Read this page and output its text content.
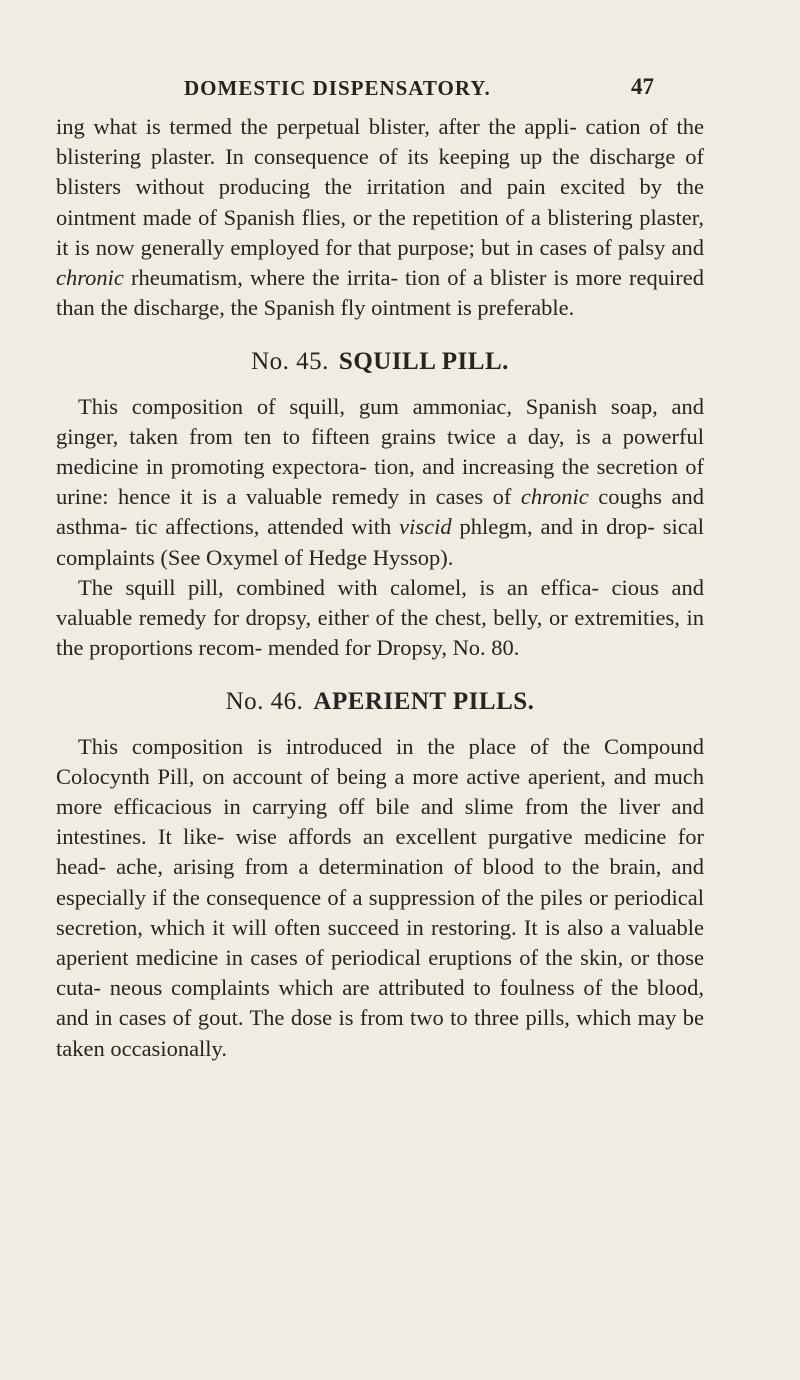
DOMESTIC DISPENSATORY.	47

ing what is termed the perpetual blister, after the appli- cation of the blistering plaster. In consequence of its keeping up the discharge of blisters without producing the irritation and pain excited by the ointment made of Spanish flies, or the repetition of a blistering plaster, it is now generally employed for that purpose; but in cases of palsy and chronic rheumatism, where the irrita- tion of a blister is more required than the discharge, the Spanish fly ointment is preferable.

No. 45. SQUILL PILL.

This composition of squill, gum ammoniac, Spanish soap, and ginger, taken from ten to fifteen grains twice a day, is a powerful medicine in promoting expectora- tion, and increasing the secretion of urine: hence it is a valuable remedy in cases of chronic coughs and asthma- tic affections, attended with viscid phlegm, and in drop- sical complaints (See Oxymel of Hedge Hyssop).

The squill pill, combined with calomel, is an effica- cious and valuable remedy for dropsy, either of the chest, belly, or extremities, in the proportions recom- mended for Dropsy, No. 80.

No. 46. APERIENT PILLS.

This composition is introduced in the place of the Compound Colocynth Pill, on account of being a more active aperient, and much more efficacious in carrying off bile and slime from the liver and intestines. It like- wise affords an excellent purgative medicine for head- ache, arising from a determination of blood to the brain, and especially if the consequence of a suppression of the piles or periodical secretion, which it will often succeed in restoring. It is also a valuable aperient medicine in cases of periodical eruptions of the skin, or those cuta- neous complaints which are attributed to foulness of the blood, and in cases of gout. The dose is from two to three pills, which may be taken occasionally.
